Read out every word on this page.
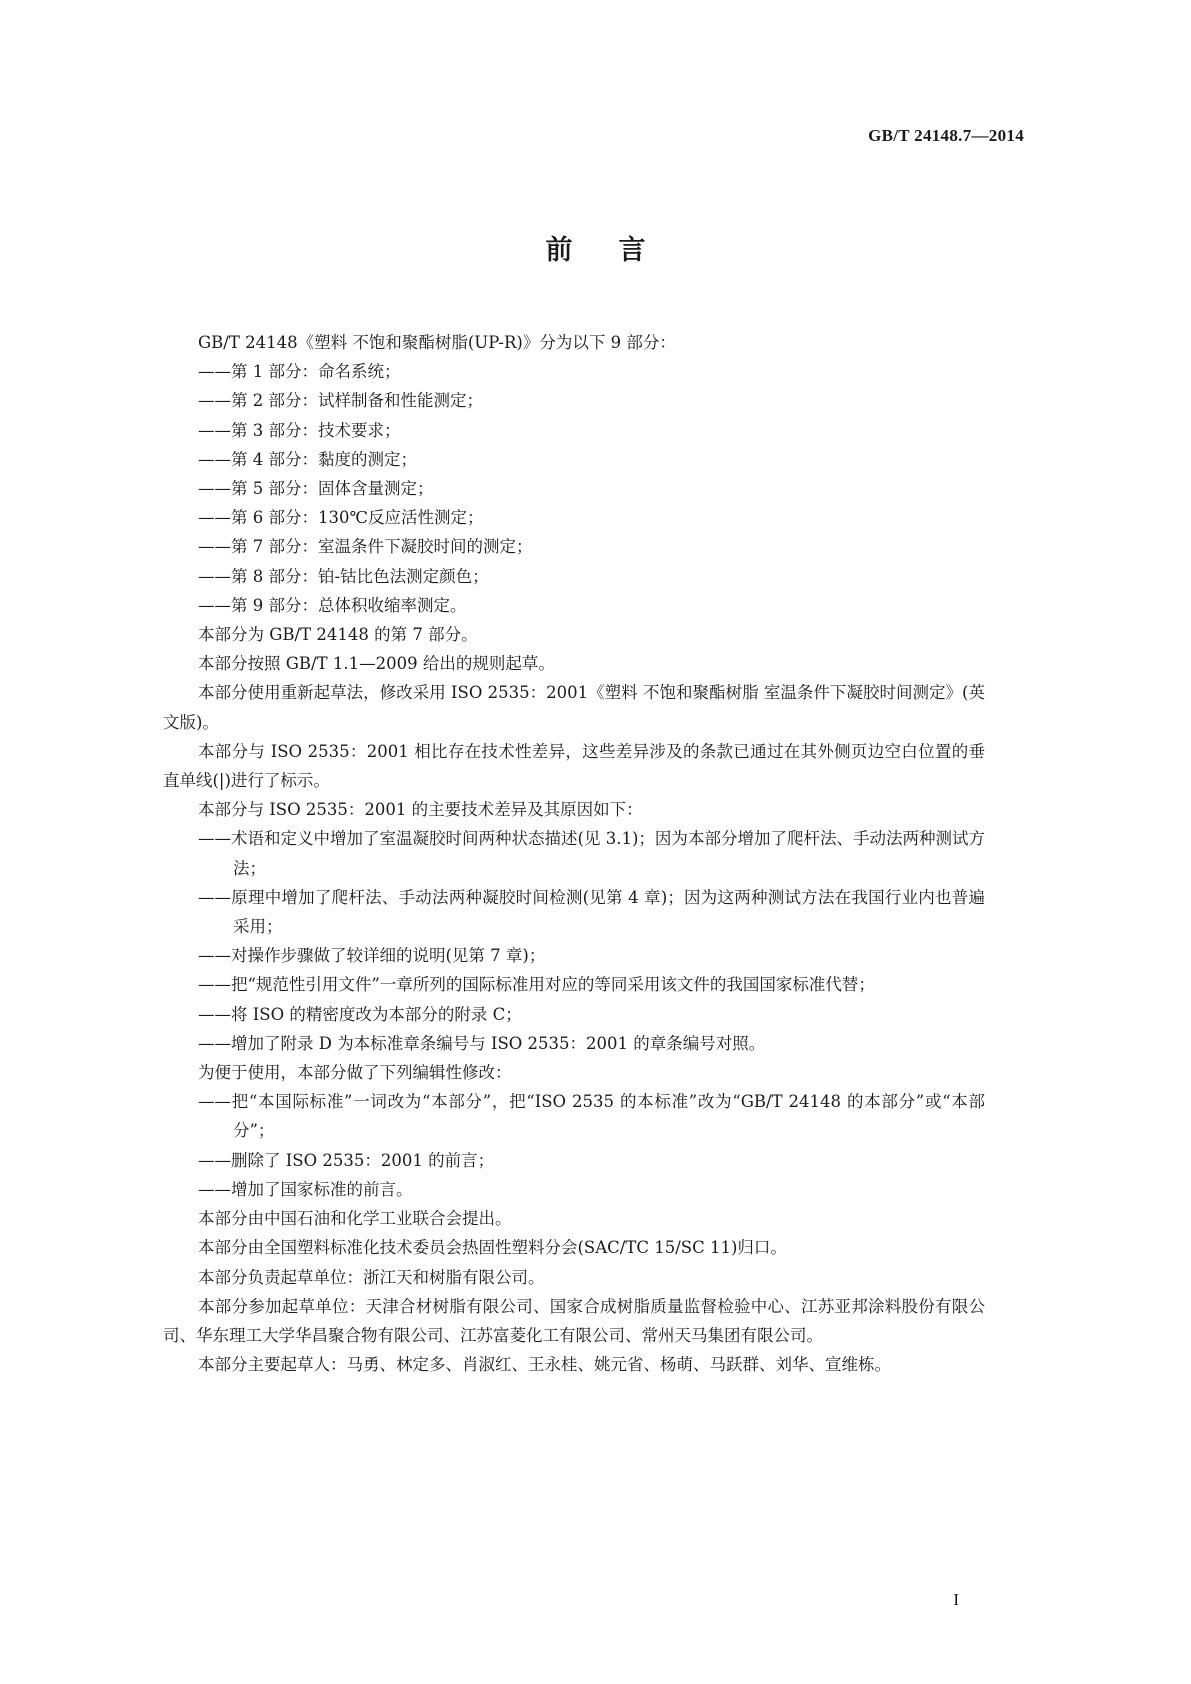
GB/T 24148.7—2014
前言

GB/T 24148《塑料 不饱和聚酯树脂(UP-R)》分为以下 9 部分：

——第 1 部分：命名系统；

——第 2 部分：试样制备和性能测定；

——第 3 部分：技术要求；

——第 4 部分：黏度的测定；

——第 5 部分：固体含量测定；

——第 6 部分：130℃反应活性测定；

——第 7 部分：室温条件下凝胶时间的测定；

——第 8 部分：铂-钴比色法测定颜色；

——第 9 部分：总体积收缩率测定。

本部分为 GB/T 24148 的第 7 部分。

本部分按照 GB/T 1.1—2009 给出的规则起草。

本部分使用重新起草法，修改采用 ISO 2535：2001《塑料 不饱和聚酯树脂 室温条件下凝胶时间测定》(英文版)。

本部分与 ISO 2535：2001 相比存在技术性差异，这些差异涉及的条款已通过在其外侧页边空白位置的垂直单线(|)进行了标示。

本部分与 ISO 2535：2001 的主要技术差异及其原因如下：

——术语和定义中增加了室温凝胶时间两种状态描述(见 3.1)；因为本部分增加了爬杆法、手动法两种测试方法；

——原理中增加了爬杆法、手动法两种凝胶时间检测(见第 4 章)；因为这两种测试方法在我国行业内也普遍采用；

——对操作步骤做了较详细的说明(见第 7 章)；

——把“规范性引用文件”一章所列的国际标准用对应的等同采用该文件的我国国家标准代替；

——将 ISO 的精密度改为本部分的附录 C；

——增加了附录 D 为本标准章条编号与 ISO 2535：2001 的章条编号对照。

为便于使用，本部分做了下列编辑性修改：

——把“本国际标准”一词改为“本部分”，把“ISO 2535 的本标准”改为“GB/T 24148 的本部分”或“本部分”；

——删除了 ISO 2535：2001 的前言；

——增加了国家标准的前言。

本部分由中国石油和化学工业联合会提出。

本部分由全国塑料标准化技术委员会热固性塑料分会(SAC/TC 15/SC 11)归口。

本部分负责起草单位：浙江天和树脂有限公司。

本部分参加起草单位：天津合材树脂有限公司、国家合成树脂质量监督检验中心、江苏亚邦涂料股份有限公司、华东理工大学华昌聚合物有限公司、江苏富菱化工有限公司、常州天马集团有限公司。

本部分主要起草人：马勇、林定多、肖淑红、王永桂、姚元省、杨萌、马跃群、刘华、宣维栋。

I
